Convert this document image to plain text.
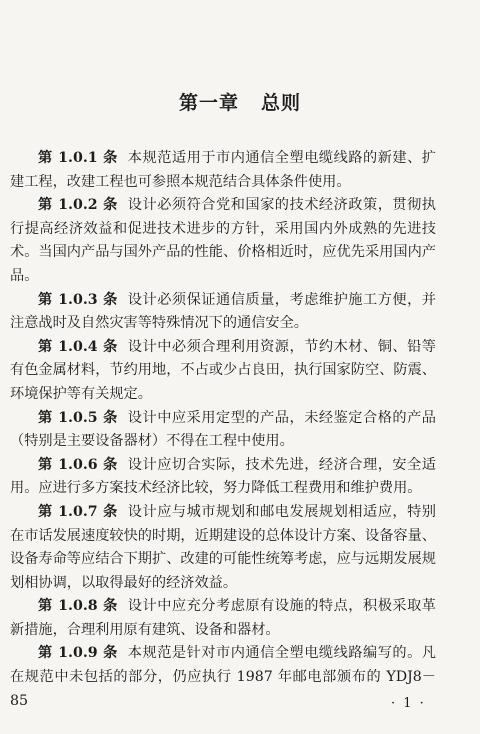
第一章 总则

第 1.0.1 条 本规范适用于市内通信全塑电缆线路的新建、扩建工程，改建工程也可参照本规范结合具体条件使用。

第 1.0.2 条 设计必须符合党和国家的技术经济政策，贯彻执行提高经济效益和促进技术进步的方针，采用国内外成熟的先进技术。当国内产品与国外产品的性能、价格相近时，应优先采用国内产品。

第 1.0.3 条 设计必须保证通信质量，考虑维护施工方便，并注意战时及自然灾害等特殊情况下的通信安全。

第 1.0.4 条 设计中必须合理利用资源，节约木材、铜、铅等有色金属材料，节约用地，不占或少占良田，执行国家防空、防震、环境保护等有关规定。

第 1.0.5 条 设计中应采用定型的产品，未经鉴定合格的产品（特别是主要设备器材）不得在工程中使用。

第 1.0.6 条 设计应切合实际，技术先进，经济合理，安全适用。应进行多方案技术经济比较，努力降低工程费用和维护费用。

第 1.0.7 条 设计应与城市规划和邮电发展规划相适应，特别在市话发展速度较快的时期，近期建设的总体设计方案、设备容量、设备寿命等应结合下期扩、改建的可能性统筹考虑，应与远期发展规划相协调，以取得最好的经济效益。

第 1.0.8 条 设计中应充分考虑原有设施的特点，积极采取革新措施，合理利用原有建筑、设备和器材。

第 1.0.9 条 本规范是针对市内通信全塑电缆线路编写的。凡在规范中未包括的部分，仍应执行 1987 年邮电部颁布的 YDJ8－85	· 1 ·
